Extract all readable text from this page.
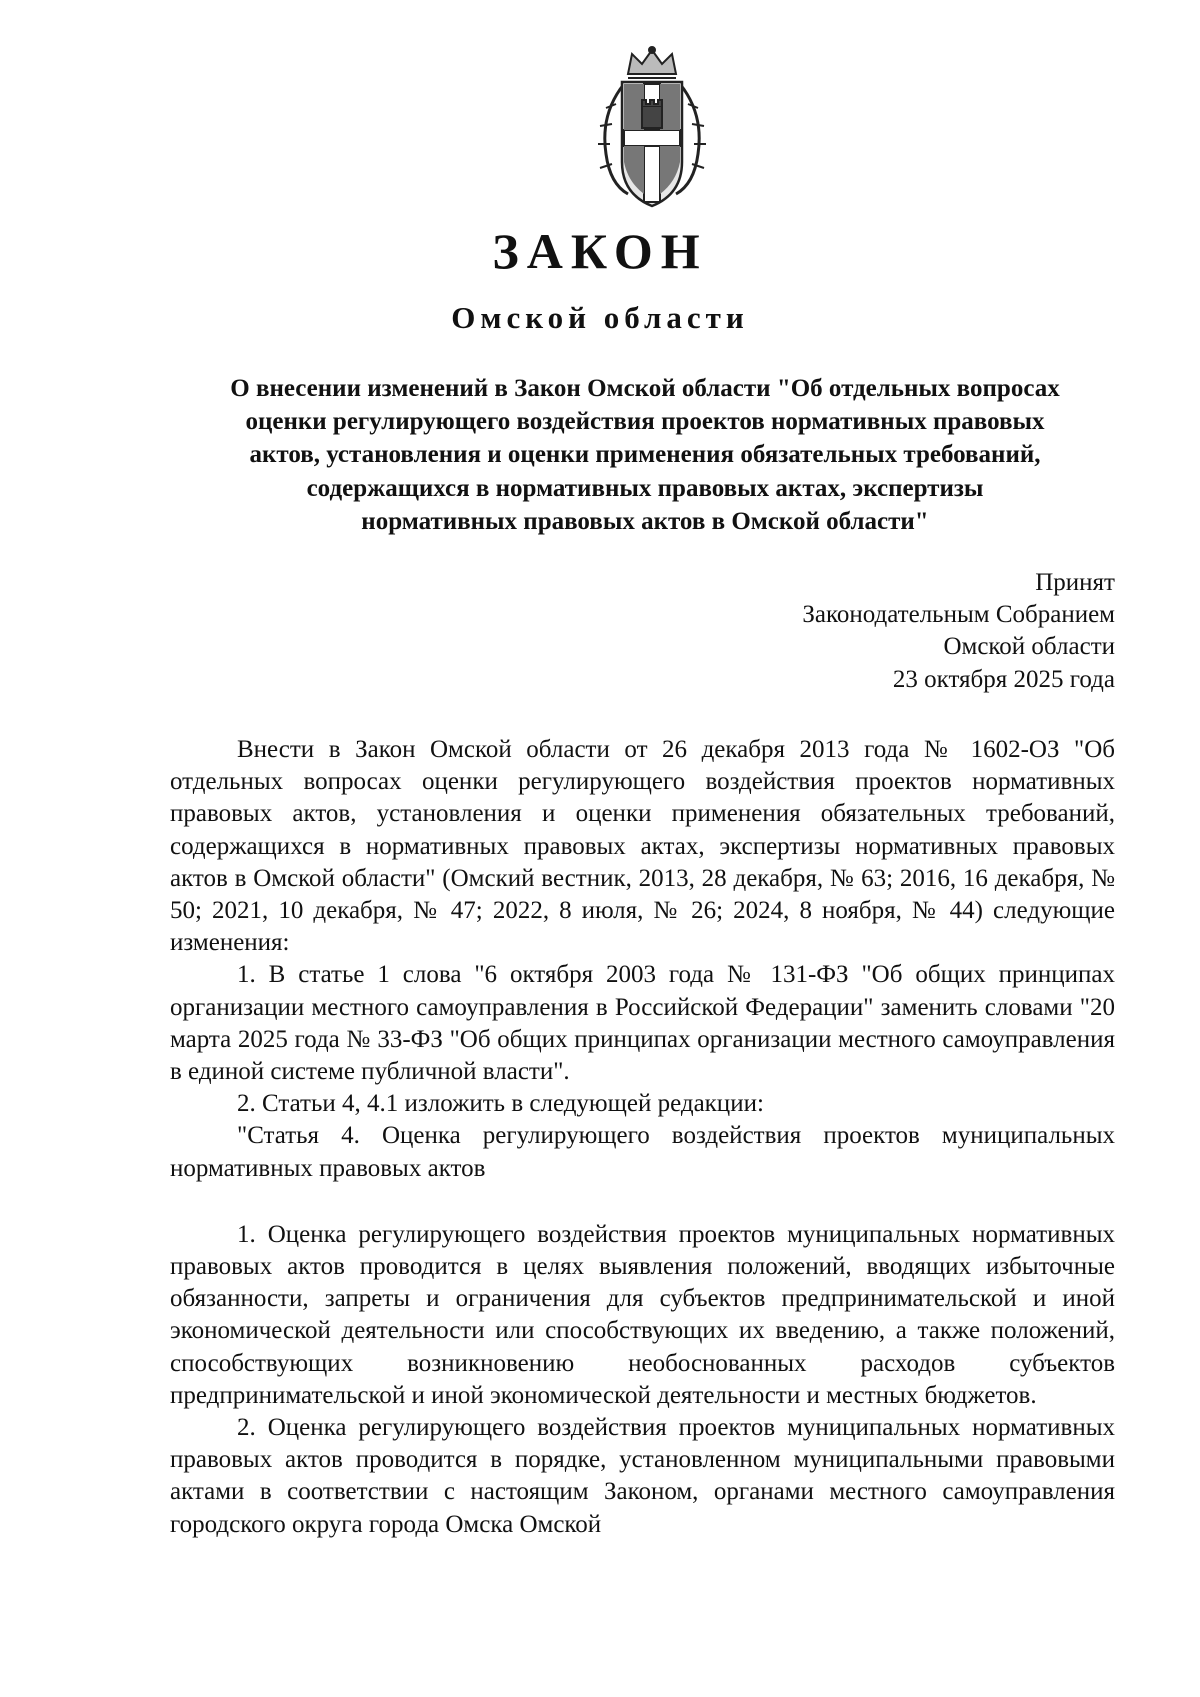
ЗАКОН
Омской области
О внесении изменений в Закон Омской области "Об отдельных вопросах
оценки регулирующего воздействия проектов нормативных правовых
актов, установления и оценки применения обязательных требований,
содержащихся в нормативных правовых актах, экспертизы
нормативных правовых актов в Омской области"
Принят
Законодательным Собранием
Омской области
23 октября 2025 года

Внести в Закон Омской области от 26 декабря 2013 года № 1602-ОЗ "Об отдельных вопросах оценки регулирующего воздействия проектов нормативных правовых актов, установления и оценки применения обязательных требований, содержащихся в нормативных правовых актах, экспертизы нормативных правовых актов в Омской области" (Омский вестник, 2013, 28 декабря, № 63; 2016, 16 декабря, № 50; 2021, 10 декабря, № 47; 2022, 8 июля, № 26; 2024, 8 ноября, № 44) следующие изменения:

1. В статье 1 слова "6 октября 2003 года № 131-ФЗ "Об общих принципах организации местного самоуправления в Российской Федерации" заменить словами "20 марта 2025 года № 33-ФЗ "Об общих принципах организации местного самоуправления в единой системе публичной власти".

2. Статьи 4, 4.1 изложить в следующей редакции:

"Статья 4. Оценка регулирующего воздействия проектов муниципальных нормативных правовых актов

1. Оценка регулирующего воздействия проектов муниципальных нормативных правовых актов проводится в целях выявления положений, вводящих избыточные обязанности, запреты и ограничения для субъектов предпринимательской и иной экономической деятельности или способствующих их введению, а также положений, способствующих возникновению необоснованных расходов субъектов предпринимательской и иной экономической деятельности и местных бюджетов.

2. Оценка регулирующего воздействия проектов муниципальных нормативных правовых актов проводится в порядке, установленном муниципальными правовыми актами в соответствии с настоящим Законом, органами местного самоуправления городского округа города Омска Омской
